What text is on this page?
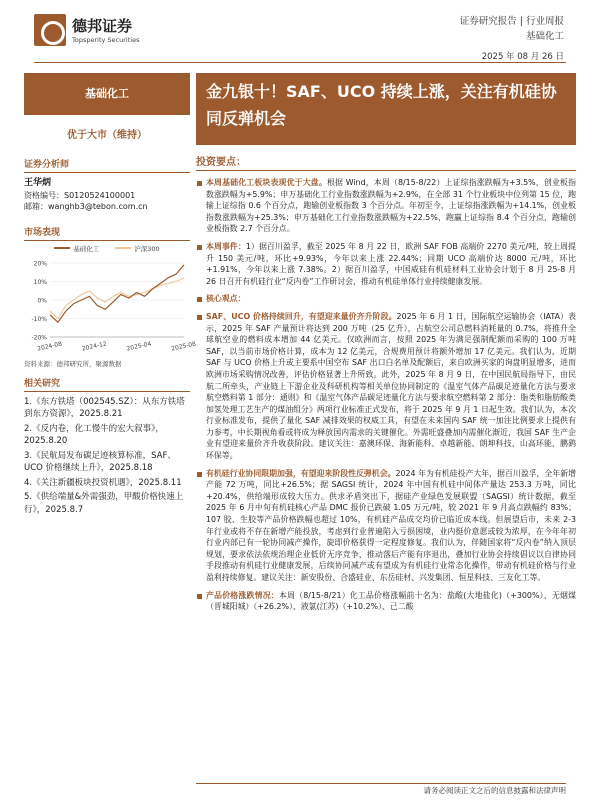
德邦证券
Topsperity Securities
证券研究报告 | 行业周报
基础化工
2025 年 08 月 26 日
基础化工
优于大市（维持）
证券分析师
王华炳
资格编号：S0120524100001
邮箱：wanghb3@tebon.com.cn
市场表现
基础化工	沪深300
20%
10%
0%
-10%
-20%
2024-08	2024-12	2025-04	2025-08
资料来源：德邦研究所，聚源数据
相关研究
1.《东方铁塔（002545.SZ）：从东方铁塔到东方资源》，2025.8.21
2.《反内卷，化工慢牛的宏大叙事》，2025.8.20
3.《民航局发布碳足迹核算标准，SAF、UCO 价格继续上升》，2025.8.18
4.《关注新疆板块投资机遇》，2025.8.11
5.《供给端量&外需强劲，甲酸价格快速上行》，2025.8.7
金九银十！SAF、UCO 持续上涨，关注有机硅协同反弹机会
投资要点：
本周基础化工板块表现优于大盘。根据 Wind，本周（8/15-8/22）上证综指涨跌幅为+3.5%，创业板指数涨跌幅为+5.9%；申万基础化工行业指数涨跌幅为+2.9%，在全部 31 个行业板块中位列第 15 位，跑输上证综指 0.6 个百分点，跑输创业板指数 3 个百分点。年初至今，上证综指涨跌幅为+14.1%，创业板指数涨跌幅为+25.3%；申万基础化工行业指数涨跌幅为+22.5%，跑赢上证综指 8.4 个百分点，跑输创业板指数 2.7 个百分点。
本周事件：1）据百川盈孚，截至 2025 年 8 月 22 日，欧洲 SAF FOB 高端价 2270 美元/吨，较上周提升 150 美元/吨，环比+9.93%，今年以来上涨 22.44%；同期 UCO 高端价达 8000 元/吨，环比+1.91%，今年以来上涨 7.38%。2）据百川盈孚，中国威硅有机硅材料工业协会计划于 8 月 25-8 月 26 日召开有机硅行业“反内卷”工作研讨会，推动有机硅单体行业持续健康发展。
核心观点：
SAF、UCO 价格持续回升，有望迎来量价齐升阶段。2025 年 6 月 1 日，国际航空运输协会（IATA）表示，2025 年 SAF 产量预计将达到 200 万吨（25 亿升），占航空公司总燃料消耗量的 0.7%，将推升全球航空业的燃料成本增加 44 亿美元。仅欧洲而言，按照 2025 年为满足强制配额而采购的 100 万吨 SAF，以当前市场价格计算，成本为 12 亿美元，合规费用预计将额外增加 17 亿美元。我们认为，近期 SAF 与 UCO 价格上升或主要系中国空布 SAF 出口白名单及配额后，来自欧洲买家的询盘明显增多，进而欧洲市场采购情况改善，评估价格显著上升所致。此外，2025 年 8 月 9 日，在中国民航局指导下，由民航二所牵头，产业链上下游企业及科研机构等相关单位协同制定的《温室气体产品碳足迹量化方法与要求航空燃料第 1 部分：通则》和《温室气体产品碳足迹量化方法与要求航空燃料第 2 部分：脂类和脂肪酸类加氢处理工艺生产的煤油组分》两项行业标准正式发布，将于 2025 年 9 月 1 日起生效。我们认为，本次行业标准发布，提供了量化 SAF 减排效果的权威工具，有望在未来国内 SAF 统一加注比例要求上提供有力参考，中长期视角看或将成为释放国内需求的关键催化。外需旺盛叠加内需催化渐近，我国 SAF 生产企业有望迎来量价齐升收获阶段。建议关注：嘉澳环保、海新能科、卓越新能、朗坤科技、山高环能、鹏鹞环保等。
有机硅行业协同限期加强，有望迎来阶段性反弹机会。2024 年为有机硅投产大年，据百川盈孚，全年新增产能 72 万吨，同比+26.5%；据 SAGSI 统计，2024 年中国有机硅中间体产量达 253.3 万吨，同比+20.4%，供给端形成较大压力。供求矛盾突出下，据硅产业绿色发展联盟（SAGSI）统计数据，截至 2025 年 6 月中旬有机硅核心产品 DMC 报价已跌破 1.05 万元/吨，较 2021 年 9 月高点跌幅约 83%；107 胶、生胶等产品价格跌幅也超过 10%，有机硅产品成交均价已临近成本线。但展望后市，未来 2-3 年行业或将不存在新增产能投放，考虑到行业普遍陷入亏损困境，业内挺价意愿或较为浓厚，在今年年初行业内部已有一轮协同减产操作，旋即价格获得一定程度修复。我们认为，伴随国家将“反内卷”纳入顶层规划，要求依法依规治理企业低价无序竞争，推动落后产能有序退出，叠加行业协会持续倡议以自律协同手段推动有机硅行业健康发展，后续协同减产或有望成为有机硅行业常态化操作，带动有机硅价格与行业盈利持续修复。建议关注：新安股份、合盛硅业、东岳硅材、兴发集团、恒星科技、三友化工等。
产品价格涨跌情况：本周（8/15-8/21）化工品价格涨幅前十名为：盐酸(大地盐化)（+300%）、无烟煤（晋城阳城）（+26.2%）、液氯(江苏)（+10.2%）、己二酸
请务必阅读正文之后的信息披露和法律声明
